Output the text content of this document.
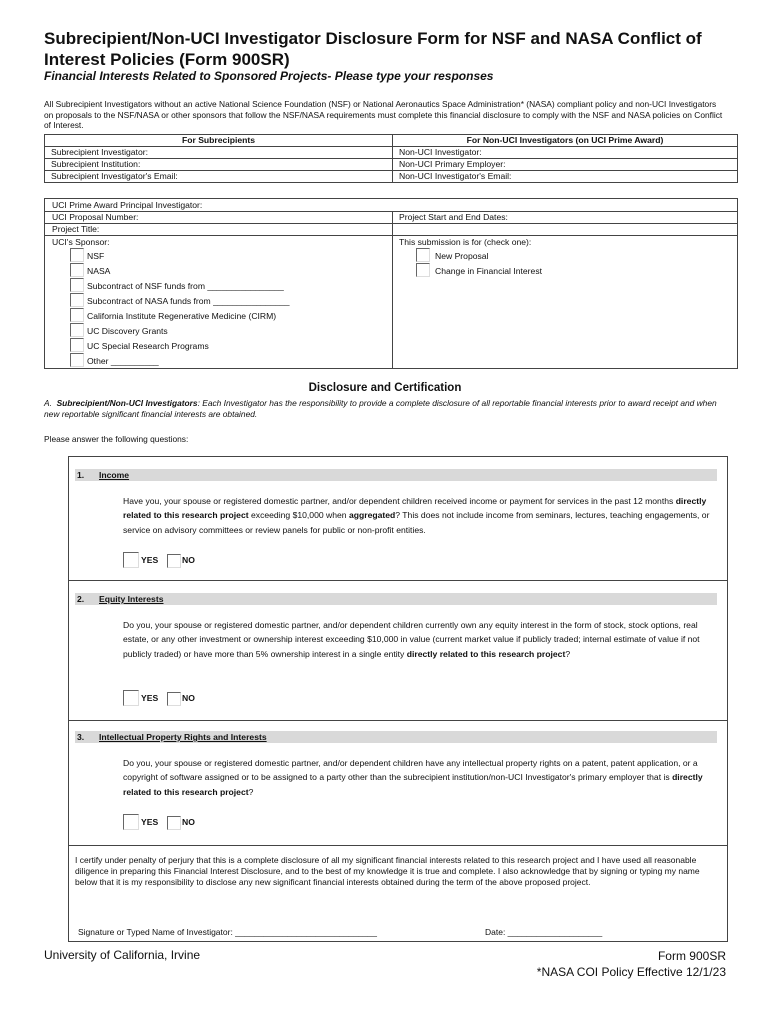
Subrecipient/Non-UCI Investigator Disclosure Form for NSF and NASA Conflict of Interest Policies (Form 900SR)
Financial Interests Related to Sponsored Projects- Please type your responses
All Subrecipient Investigators without an active National Science Foundation (NSF) or National Aeronautics Space Administration* (NASA) compliant policy and non-UCI Investigators on proposals to the NSF/NASA or other sponsors that follow the NSF/NASA requirements must complete this financial disclosure to comply with the NSF and NASA policies on Conflict of Interest.
For Subrecipients	For Non-UCI Investigators (on UCI Prime Award)
Subrecipient Investigator:	Non-UCI Investigator:
Subrecipient Institution:	Non-UCI Primary Employer:
Subrecipient Investigator's Email:	Non-UCI Investigator's Email:
UCI Prime Award Principal Investigator:
UCI Proposal Number:	Project Start and End Dates:
Project Title:
UCI's Sponsor:	This submission is for (check one):
NSF
NASA
Subcontract of NSF funds from ________________
Subcontract of NASA funds from ________________
California Institute Regenerative Medicine (CIRM)
UC Discovery Grants
UC Special Research Programs
Other __________
New Proposal
Change in Financial Interest
Disclosure and Certification
A. Subrecipient/Non-UCI Investigators: Each Investigator has the responsibility to provide a complete disclosure of all reportable financial interests prior to award receipt and when new reportable significant financial interests are obtained.
Please answer the following questions:
1. Income
Have you, your spouse or registered domestic partner, and/or dependent children received income or payment for services in the past 12 months directly related to this research project exceeding $10,000 when aggregated? This does not include income from seminars, lectures, teaching engagements, or service on advisory committees or review panels for public or non-profit entities.
YES	NO
2. Equity Interests
Do you, your spouse or registered domestic partner, and/or dependent children currently own any equity interest in the form of stock, stock options, real estate, or any other investment or ownership interest exceeding $10,000 in value (current market value if publicly traded; internal estimate of value if not publicly traded) or have more than 5% ownership interest in a single entity directly related to this research project?
YES	NO
3. Intellectual Property Rights and Interests
Do you, your spouse or registered domestic partner, and/or dependent children have any intellectual property rights on a patent, patent application, or a copyright of software assigned or to be assigned to a party other than the subrecipient institution/non-UCI Investigator's primary employer that is directly related to this research project?
YES	NO
I certify under penalty of perjury that this is a complete disclosure of all my significant financial interests related to this research project and I have used all reasonable diligence in preparing this Financial Interest Disclosure, and to the best of my knowledge it is true and complete. I also acknowledge that by signing or typing my name below that it is my responsibility to disclose any new significant financial interests obtained during the term of the above proposed project.
Signature or Typed Name of Investigator: ______________________________	Date: ____________________
University of California, Irvine	Form 900SR
*NASA COI Policy Effective 12/1/23
